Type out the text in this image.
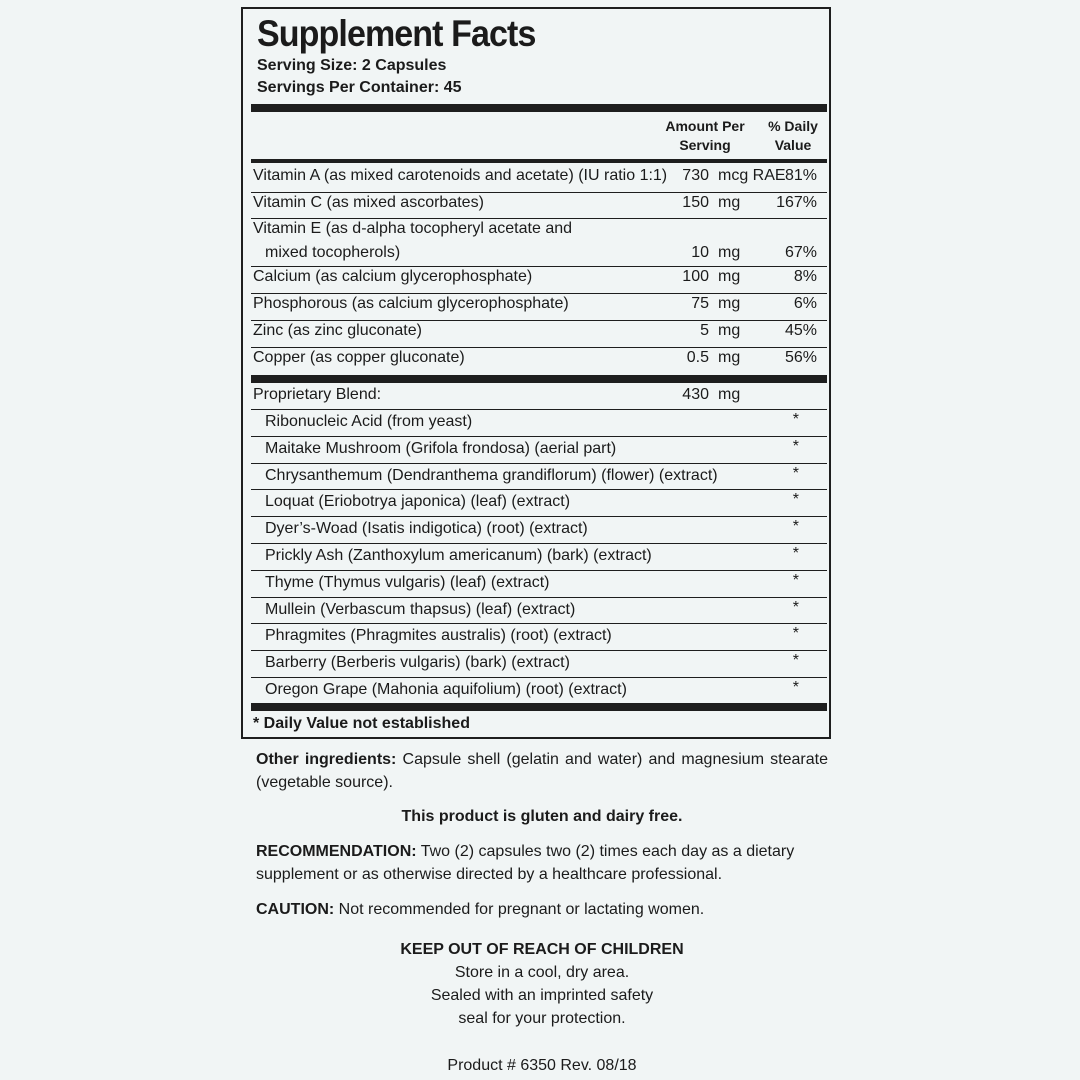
Supplement Facts
Serving Size: 2 Capsules
Servings Per Container: 45
Amount Per
Serving
% Daily
Value
Vitamin A (as mixed carotenoids and acetate) (IU ratio 1:1) 730 mcg RAE 81%
Vitamin C (as mixed ascorbates)	150 mg 167%
Vitamin E (as d-alpha tocopheryl acetate and
mixed tocopherols)	10 mg	67%
Calcium (as calcium glycerophosphate)	100 mg	8%
Phosphorous (as calcium glycerophosphate)	75 mg	6%
Zinc (as zinc gluconate)	5 mg	45%
Copper (as copper gluconate)	0.5 mg	56%
Proprietary Blend:	430 mg
Ribonucleic Acid (from yeast)	*
Maitake Mushroom (Grifola frondosa) (aerial part)	*
Chrysanthemum (Dendranthema grandiflorum) (flower) (extract)	*
Loquat (Eriobotrya japonica) (leaf) (extract)	*
Dyer’s-Woad (Isatis indigotica) (root) (extract)	*
Prickly Ash (Zanthoxylum americanum) (bark) (extract)	*
Thyme (Thymus vulgaris) (leaf) (extract)	*
Mullein (Verbascum thapsus) (leaf) (extract)	*
Phragmites (Phragmites australis) (root) (extract)	*
Barberry (Berberis vulgaris) (bark) (extract)	*
Oregon Grape (Mahonia aquifolium) (root) (extract)	*
* Daily Value not established
Other ingredients: Capsule shell (gelatin and water) and magnesium stearate (vegetable source).
This product is gluten and dairy free.
RECOMMENDATION: Two (2) capsules two (2) times each day as a dietary supplement or as otherwise directed by a healthcare professional.
CAUTION: Not recommended for pregnant or lactating women.
KEEP OUT OF REACH OF CHILDREN
Store in a cool, dry area.
Sealed with an imprinted safety
seal for your protection.
Product # 6350 Rev. 08/18
